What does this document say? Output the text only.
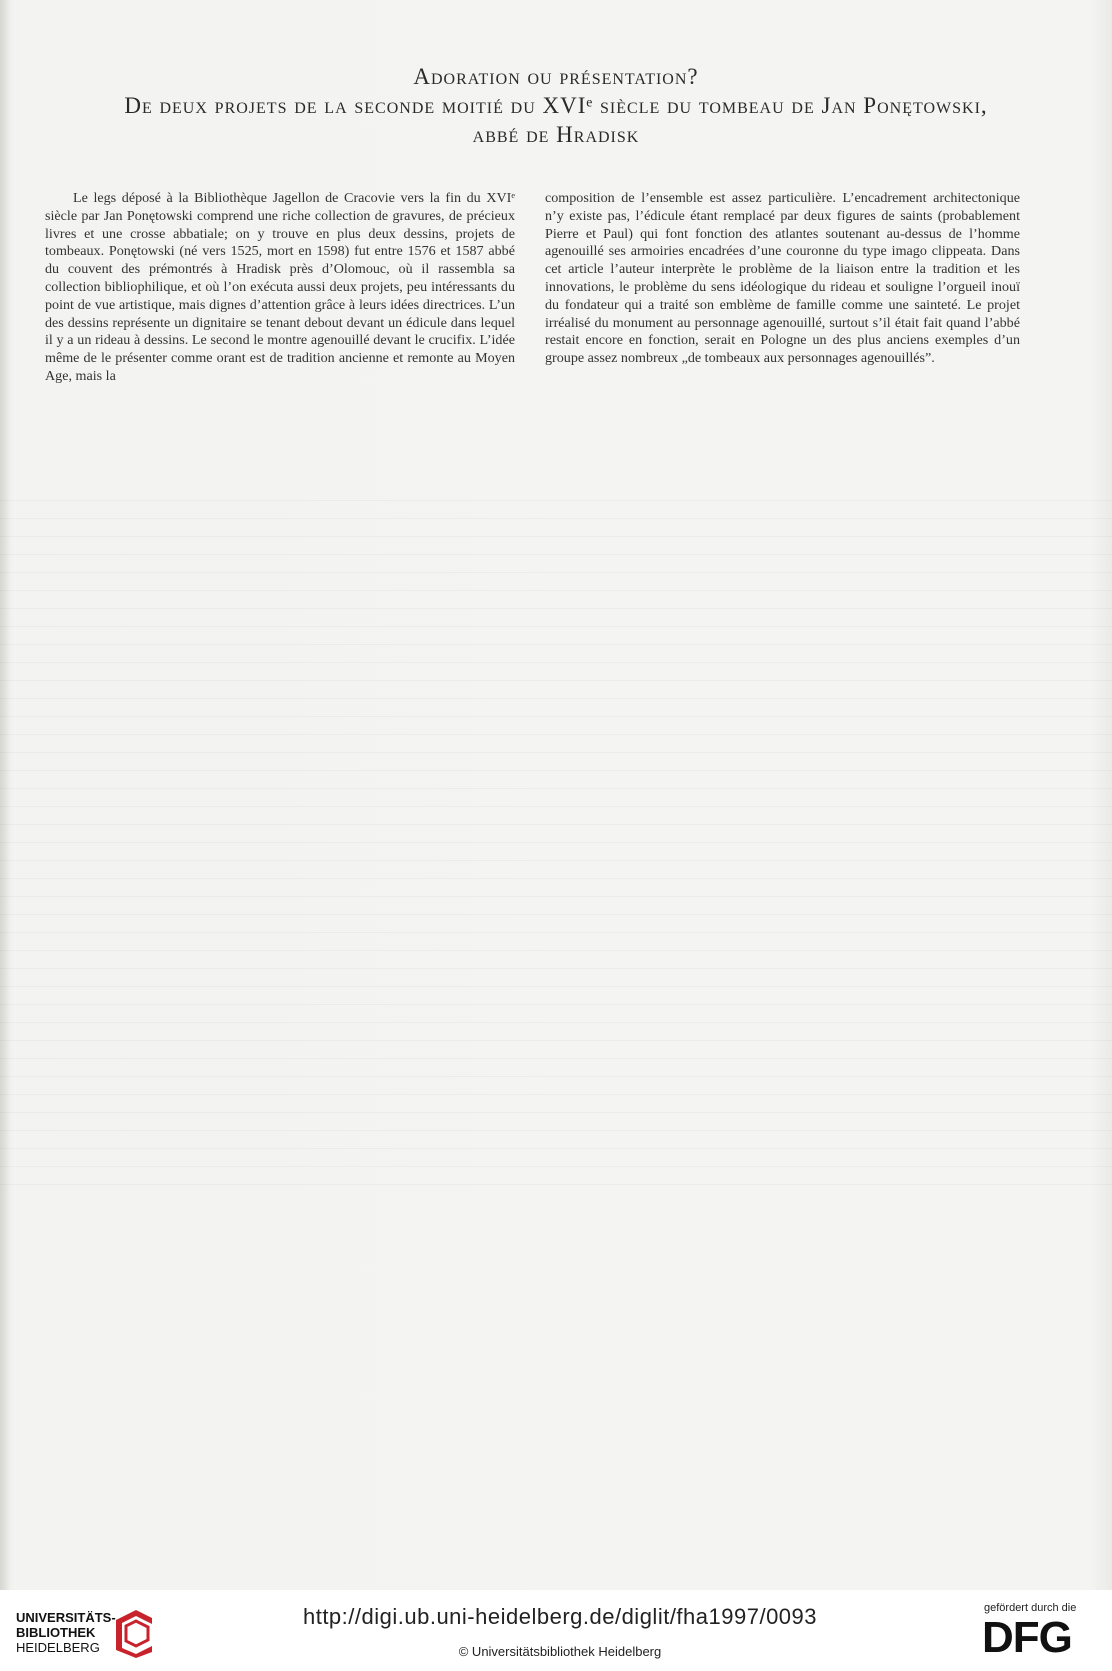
Adoration ou présentation?
De deux projets de la seconde moitié du XVIᵉ siècle du tombeau de Jan Ponętowski,
abbé de Hradisk

Le legs déposé à la Bibliothèque Jagellon de Cracovie vers la fin du XVIᵉ siècle par Jan Ponętowski comprend une riche collection de gravures, de précieux livres et une crosse abbatiale; on y trouve en plus deux dessins, projets de tombeaux. Ponętowski (né vers 1525, mort en 1598) fut entre 1576 et 1587 abbé du couvent des prémontrés à Hradisk près d’Olomouc, où il rassembla sa collection bibliophilique, et où l’on exécuta aussi deux projets, peu intéressants du point de vue artistique, mais dignes d’attention grâce à leurs idées directrices. L’un des dessins représente un dignitaire se tenant debout devant un édicule dans lequel il y a un rideau à dessins. Le second le montre agenouillé devant le crucifix. L’idée même de le présenter comme orant est de tradition ancienne et remonte au Moyen Age, mais la

composition de l’ensemble est assez particulière. L’encadrement architectonique n’y existe pas, l’édicule étant remplacé par deux figures de saints (probablement Pierre et Paul) qui font fonction des atlantes soutenant au-dessus de l’homme agenouillé ses armoiries encadrées d’une couronne du type imago clippeata. Dans cet article l’auteur interprète le problème de la liaison entre la tradition et les innovations, le problème du sens idéologique du rideau et souligne l’orgueil inouï du fondateur qui a traité son emblème de famille comme une sainteté. Le projet irréalisé du monument au personnage agenouillé, surtout s’il était fait quand l’abbé restait encore en fonction, serait en Pologne un des plus anciens exemples d’un groupe assez nombreux „de tombeaux aux personnages agenouillés”.

UNIVERSITÄTS-
BIBLIOTHEK
HEIDELBERG
http://digi.ub.uni-heidelberg.de/diglit/fha1997/0093
© Universitätsbibliothek Heidelberg
gefördert durch die
DFG
